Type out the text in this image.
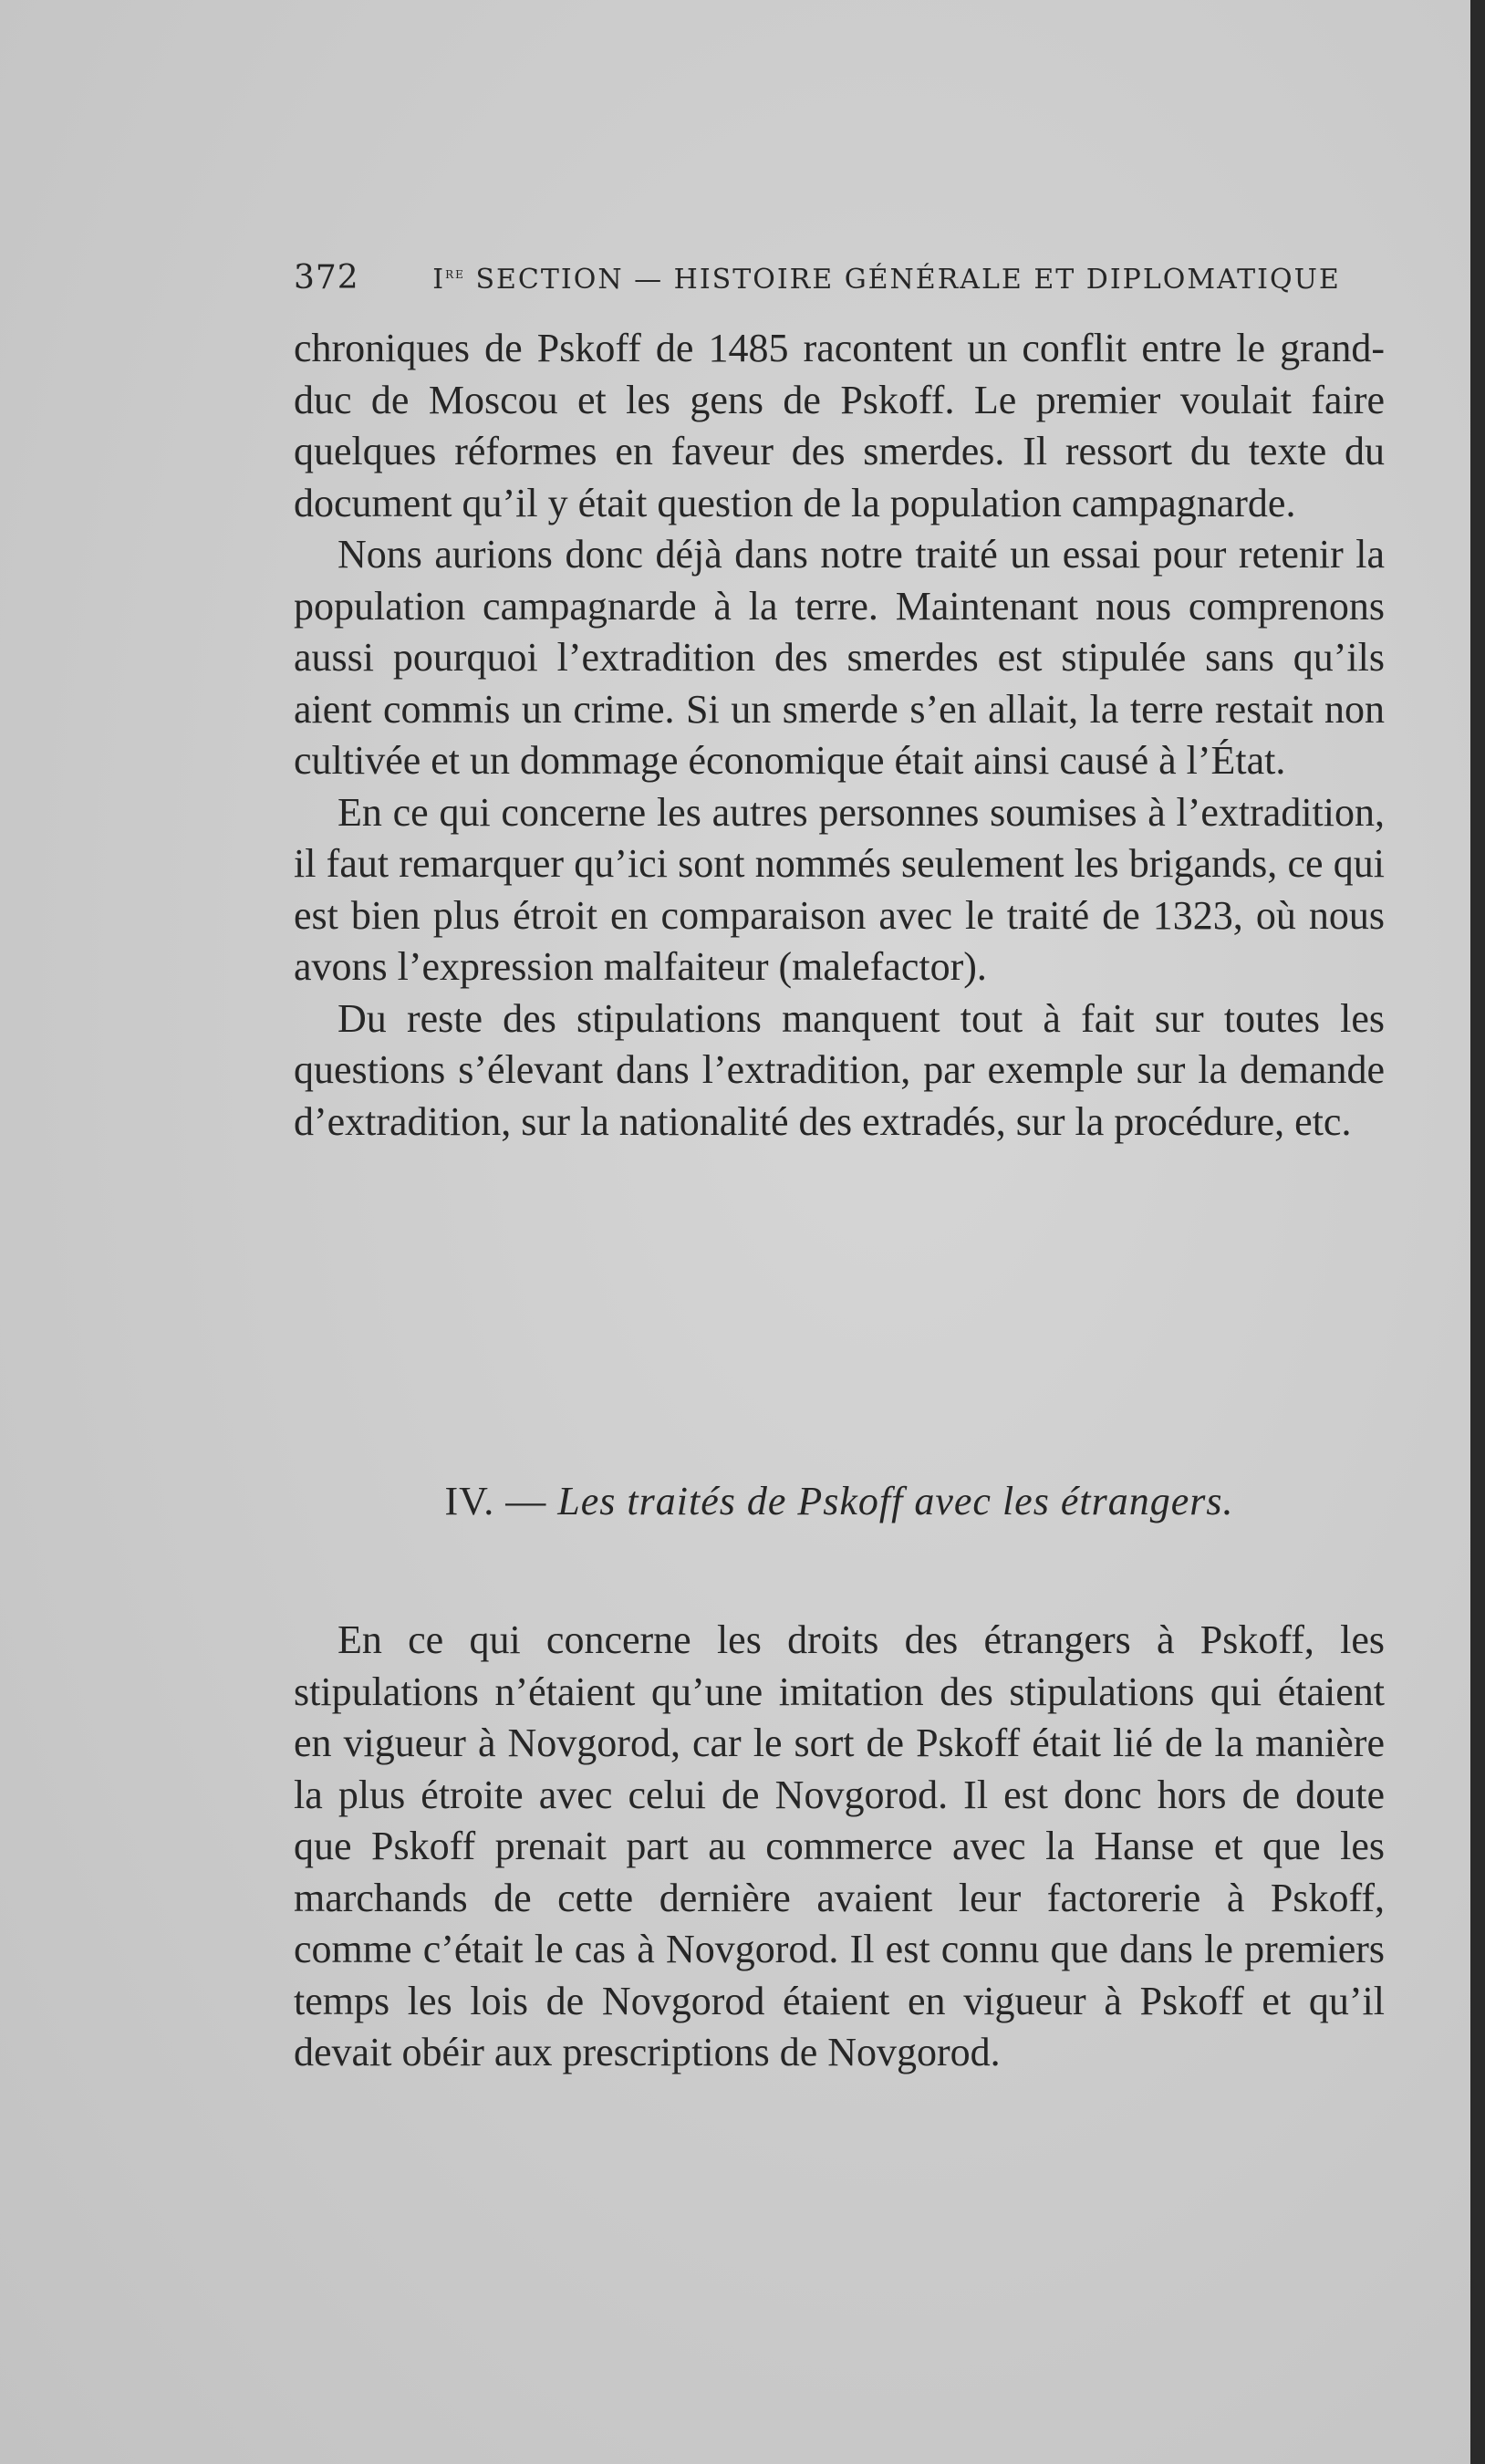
372	Ire SECTION — HISTOIRE GÉNÉRALE ET DIPLOMATIQUE

chroniques de Pskoff de 1485 racontent un conflit entre le grand-duc de Moscou et les gens de Pskoff. Le premier voulait faire quelques réformes en faveur des smerdes. Il ressort du texte du document qu’il y était question de la population campagnarde.

Nons aurions donc déjà dans notre traité un essai pour retenir la population campagnarde à la terre. Maintenant nous comprenons aussi pourquoi l’extradition des smerdes est stipulée sans qu’ils aient commis un crime. Si un smerde s’en allait, la terre restait non cultivée et un dommage économique était ainsi causé à l’État.

En ce qui concerne les autres personnes soumises à l’extradition, il faut remarquer qu’ici sont nommés seulement les brigands, ce qui est bien plus étroit en comparaison avec le traité de 1323, où nous avons l’expression malfaiteur (malefactor).

Du reste des stipulations manquent tout à fait sur toutes les questions s’élevant dans l’extradition, par exemple sur la demande d’extradition, sur la nationalité des extradés, sur la procédure, etc.

IV. — Les traités de Pskoff avec les étrangers.

En ce qui concerne les droits des étrangers à Pskoff, les stipulations n’étaient qu’une imitation des stipulations qui étaient en vigueur à Novgorod, car le sort de Pskoff était lié de la manière la plus étroite avec celui de Novgorod. Il est donc hors de doute que Pskoff prenait part au commerce avec la Hanse et que les marchands de cette dernière avaient leur factorerie à Pskoff, comme c’était le cas à Novgorod. Il est connu que dans le premiers temps les lois de Novgorod étaient en vigueur à Pskoff et qu’il devait obéir aux prescriptions de Novgorod.
